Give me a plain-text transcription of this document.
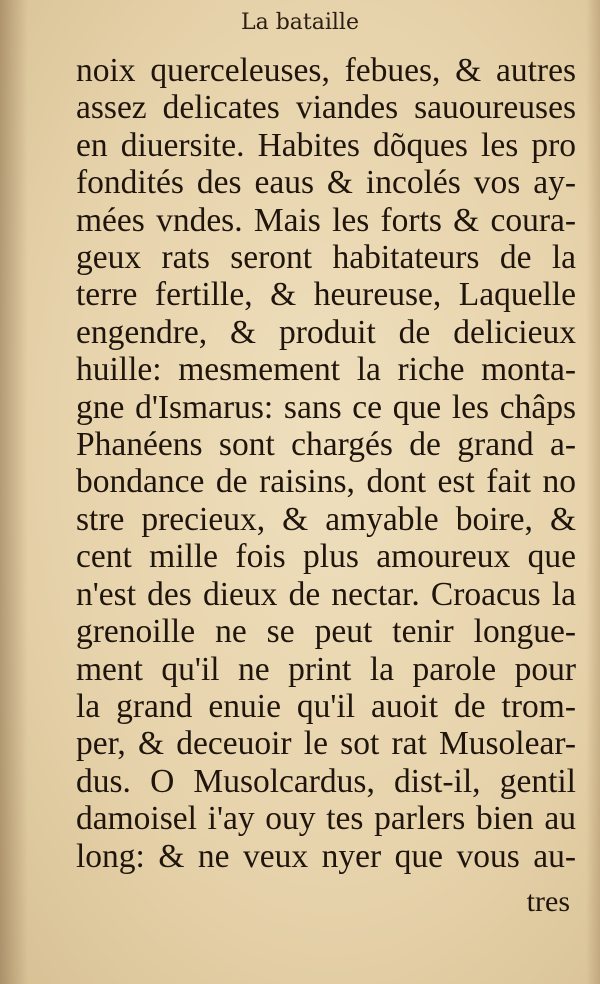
La bataille
noix querceleuses, febues, & autres
assez delicates viandes sauoureuses
en diuersite. Habites dõques les pro
fondités des eaus & incolés vos ay-
mées vndes. Mais les forts & coura-
geux rats seront habitateurs de la
terre fertille, & heureuse, Laquelle
engendre, & produit de delicieux
huille: mesmement la riche monta-
gne d'Ismarus: sans ce que les châps
Phanéens sont chargés de grand a-
bondance de raisins, dont est fait no
stre precieux, & amyable boire, &
cent mille fois plus amoureux que
n'est des dieux de nectar. Croacus la
grenoille ne se peut tenir longue-
ment qu'il ne print la parole pour
la grand enuie qu'il auoit de trom-
per, & deceuoir le sot rat Musolear-
dus. O Musolcardus, dist-il, gentil
damoisel i'ay ouy tes parlers bien au
long: & ne veux nyer que vous au-
tres
